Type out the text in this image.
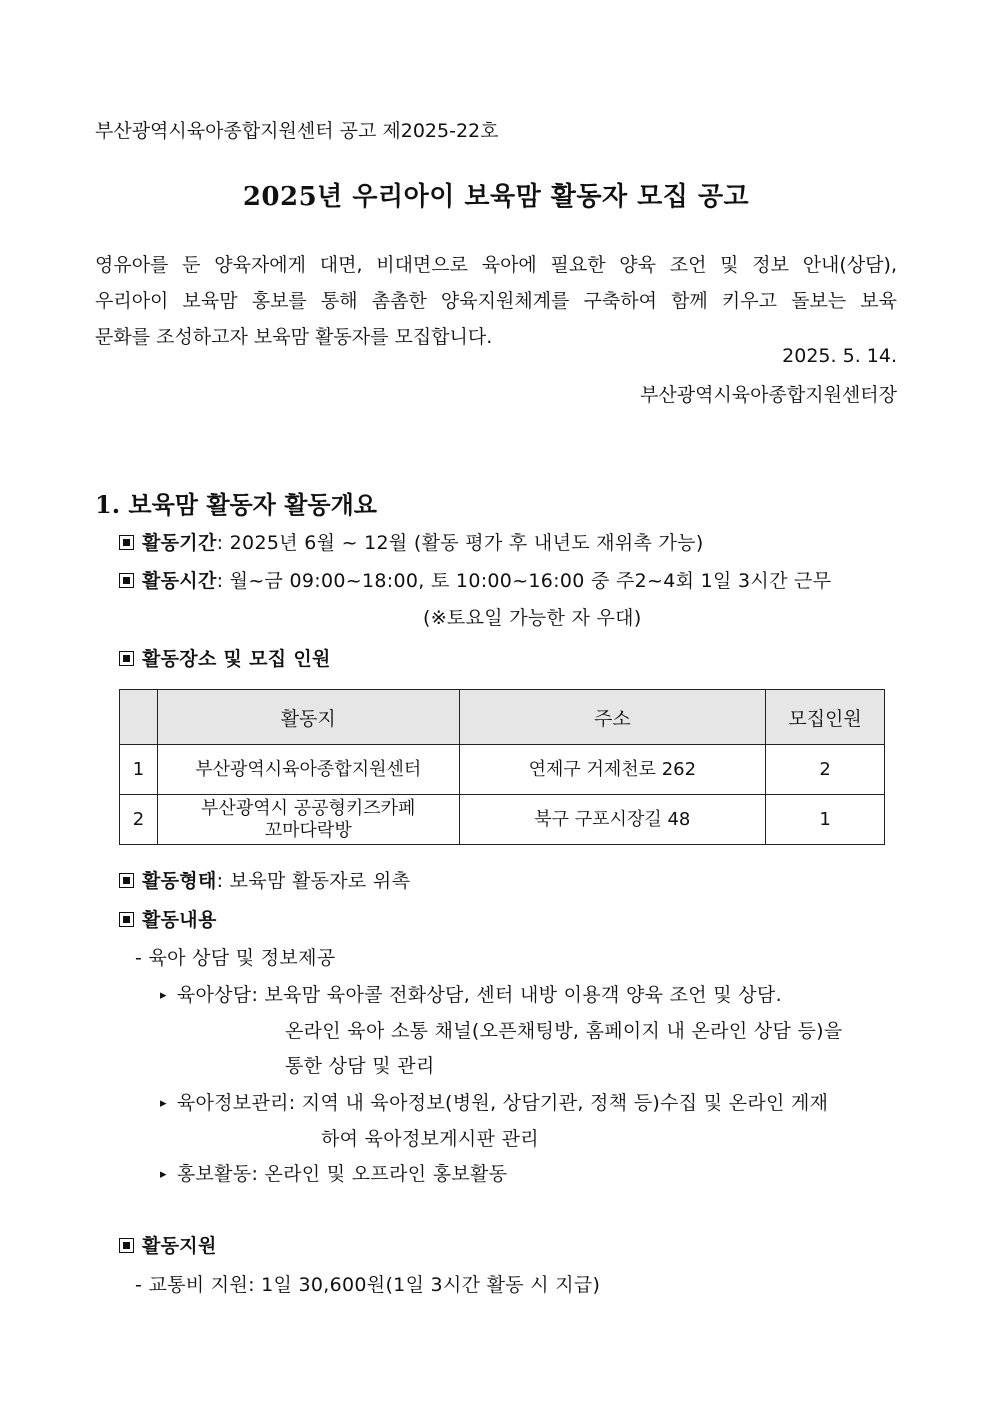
부산광역시육아종합지원센터 공고 제2025-22호
2025년 우리아이 보육맘 활동자 모집 공고

영유아를 둔 양육자에게 대면, 비대면으로 육아에 필요한 양육 조언 및 정보 안내(상담),

우리아이 보육맘 홍보를 통해 촘촘한 양육지원체계를 구축하여 함께 키우고 돌보는 보육

문화를 조성하고자 보육맘 활동자를 모집합니다.

2025. 5. 14.
부산광역시육아종합지원센터장
1. 보육맘 활동자 활동개요
활동기간: 2025년 6월 ~ 12월 (활동 평가 후 내년도 재위촉 가능)
활동시간: 월~금 09:00~18:00, 토 10:00~16:00 중 주2~4회 1일 3시간 근무
(※토요일 가능한 자 우대)
활동장소 및 모집 인원
	활동지	주소	모집인원
1	부산광역시육아종합지원센터	연제구 거제천로 262	2
2	부산광역시 공공형키즈카페
꼬마다락방	북구 구포시장길 48	1
활동형태: 보육맘 활동자로 위촉
활동내용
- 육아 상담 및 정보제공
▸ 육아상담: 보육맘 육아콜 전화상담, 센터 내방 이용객 양육 조언 및 상담.
온라인 육아 소통 채널(오픈채팅방, 홈페이지 내 온라인 상담 등)을
통한 상담 및 관리
▸ 육아정보관리: 지역 내 육아정보(병원, 상담기관, 정책 등)수집 및 온라인 게재
하여 육아정보게시판 관리
▸ 홍보활동: 온라인 및 오프라인 홍보활동
활동지원
- 교통비 지원: 1일 30,600원(1일 3시간 활동 시 지급)
